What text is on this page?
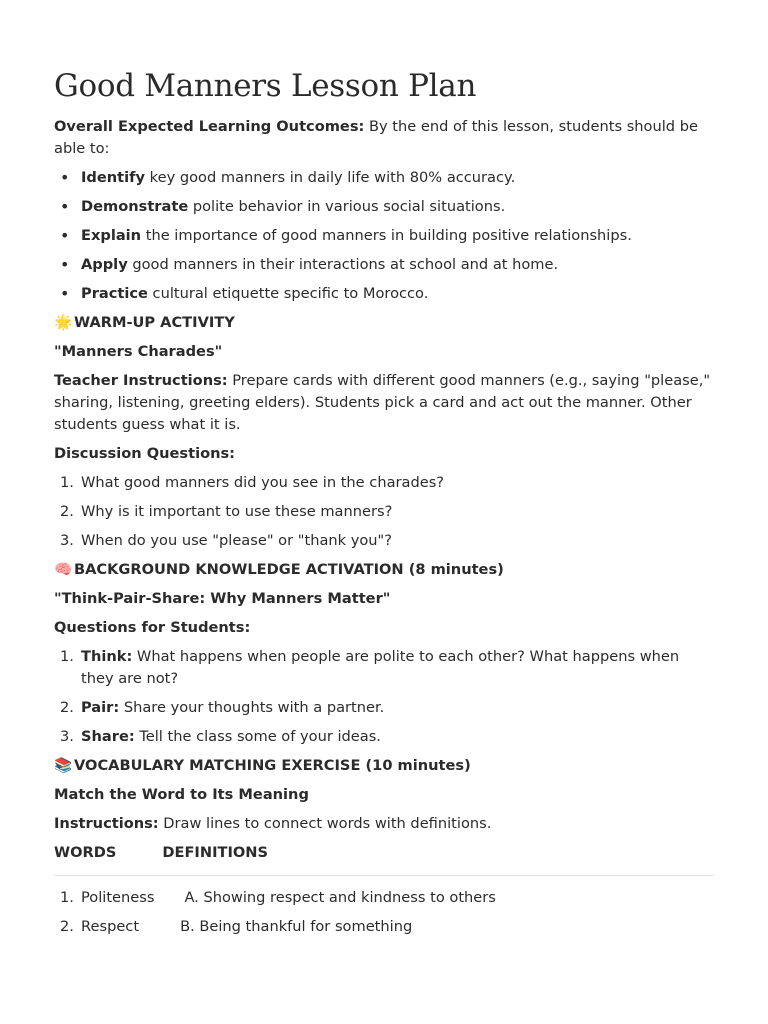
Good Manners Lesson Plan

Overall Expected Learning Outcomes: By the end of this lesson, students should be able to:

• Identify key good manners in daily life with 80% accuracy.
• Demonstrate polite behavior in various social situations.
• Explain the importance of good manners in building positive relationships.
• Apply good manners in their interactions at school and at home.
• Practice cultural etiquette specific to Morocco.
🌟 WARM-UP ACTIVITY
"Manners Charades"

Teacher Instructions: Prepare cards with different good manners (e.g., saying "please," sharing, listening, greeting elders). Students pick a card and act out the manner. Other students guess what it is.

Discussion Questions:
1. What good manners did you see in the charades?
2. Why is it important to use these manners?
3. When do you use "please" or "thank you"?
🧠 BACKGROUND KNOWLEDGE ACTIVATION (8 minutes)
"Think-Pair-Share: Why Manners Matter"
Questions for Students:
1. Think: What happens when people are polite to each other? What happens when they are not?
2. Pair: Share your thoughts with a partner.
3. Share: Tell the class some of your ideas.
📚 VOCABULARY MATCHING EXERCISE (10 minutes)
Match the Word to Its Meaning

Instructions: Draw lines to connect words with definitions.

WORDS	DEFINITIONS
1. Politeness A. Showing respect and kindness to others
2. Respect	B. Being thankful for something
